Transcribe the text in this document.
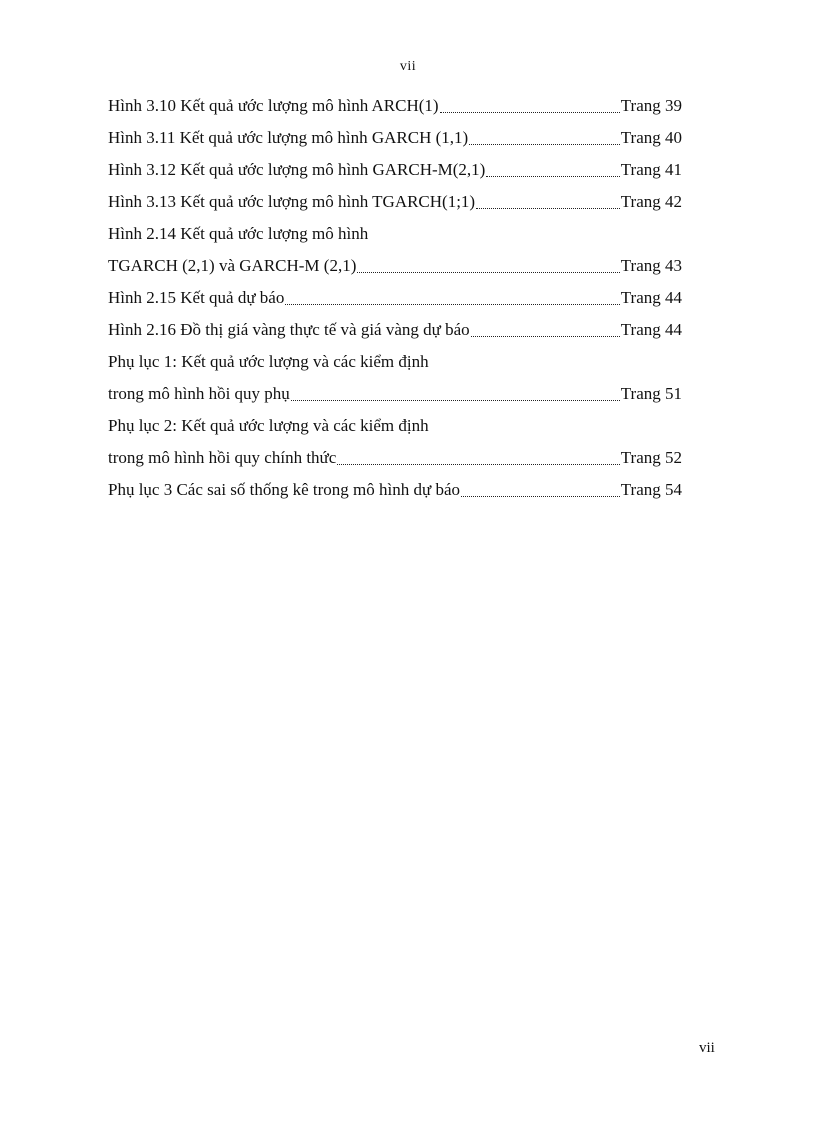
vii
Hình 3.10 Kết quả ước lượng mô hình ARCH(1)	Trang 39
Hình 3.11 Kết quả ước lượng mô hình GARCH (1,1)	Trang 40
Hình 3.12 Kết quả ước lượng mô hình GARCH-M(2,1)	Trang 41
Hình 3.13 Kết quả ước lượng mô hình TGARCH(1;1)	Trang 42
Hình 2.14 Kết quả ước lượng mô hình
TGARCH (2,1) và GARCH-M (2,1)	Trang 43
Hình 2.15 Kết quả dự báo	Trang 44
Hình 2.16 Đồ thị giá vàng thực tế và giá vàng dự báo	Trang 44
Phụ lục 1: Kết quả ước lượng và các kiểm định
trong mô hình hồi quy phụ	Trang 51
Phụ lục 2: Kết quả ước lượng và các kiểm định
trong mô hình hồi quy chính thức	Trang 52
Phụ lục 3 Các sai số thống kê trong mô hình dự báo	Trang 54
vii
